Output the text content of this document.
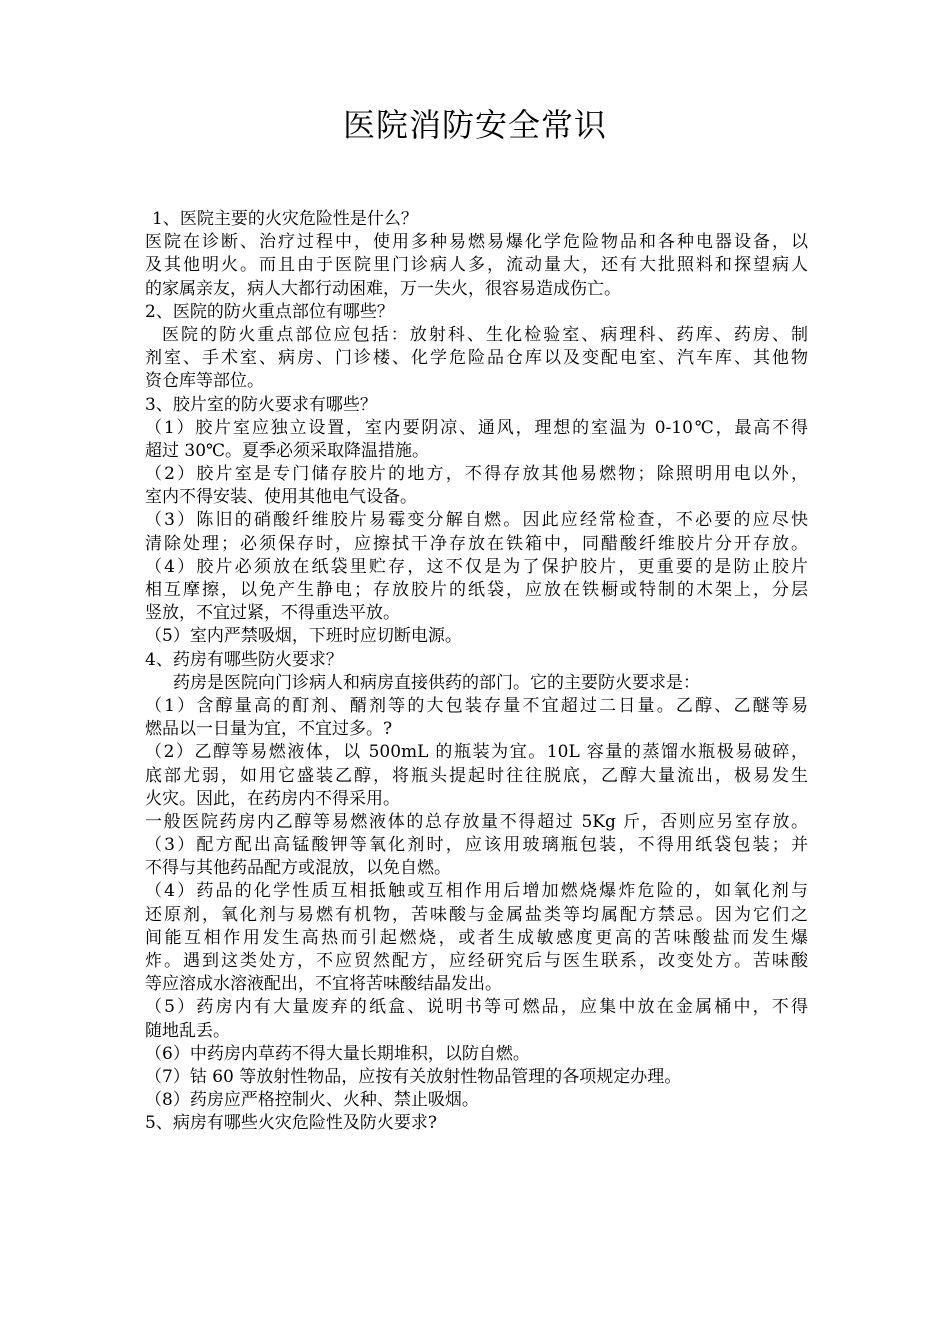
医院消防安全常识
1、医院主要的火灾危险性是什么？
医院在诊断、治疗过程中，使用多种易燃易爆化学危险物品和各种电器设备，以
及其他明火。而且由于医院里门诊病人多，流动量大，还有大批照料和探望病人
的家属亲友，病人大都行动困难，万一失火，很容易造成伤亡。
2、医院的防火重点部位有哪些？
医院的防火重点部位应包括：放射科、生化检验室、病理科、药库、药房、制
剂室、手术室、病房、门诊楼、化学危险品仓库以及变配电室、汽车库、其他物
资仓库等部位。
3、胶片室的防火要求有哪些？
（1）胶片室应独立设置，室内要阴凉、通风，理想的室温为 0-10℃，最高不得
超过 30℃。夏季必须采取降温措施。
（2）胶片室是专门储存胶片的地方，不得存放其他易燃物；除照明用电以外，
室内不得安装、使用其他电气设备。
（3）陈旧的硝酸纤维胶片易霉变分解自燃。因此应经常检查，不必要的应尽快
清除处理；必须保存时，应擦拭干净存放在铁箱中，同醋酸纤维胶片分开存放。
（4）胶片必须放在纸袋里贮存，这不仅是为了保护胶片，更重要的是防止胶片
相互摩擦，以免产生静电；存放胶片的纸袋，应放在铁橱或特制的木架上，分层
竖放，不宜过紧，不得重迭平放。
（5）室内严禁吸烟，下班时应切断电源。
4、药房有哪些防火要求？
药房是医院向门诊病人和病房直接供药的部门。它的主要防火要求是：
（1）含醇量高的酊剂、醑剂等的大包装存量不宜超过二日量。乙醇、乙醚等易
燃品以一日量为宜，不宜过多。?
（2）乙醇等易燃液体，以 500mL 的瓶装为宜。10L 容量的蒸馏水瓶极易破碎，
底部尤弱，如用它盛装乙醇，将瓶头提起时往往脱底，乙醇大量流出，极易发生
火灾。因此，在药房内不得采用。
一般医院药房内乙醇等易燃液体的总存放量不得超过 5Kg 斤，否则应另室存放。
（3）配方配出高锰酸钾等氧化剂时，应该用玻璃瓶包装，不得用纸袋包装；并
不得与其他药品配方或混放，以免自燃。
（4）药品的化学性质互相抵触或互相作用后增加燃烧爆炸危险的，如氧化剂与
还原剂，氧化剂与易燃有机物，苦味酸与金属盐类等均属配方禁忌。因为它们之
间能互相作用发生高热而引起燃烧，或者生成敏感度更高的苦味酸盐而发生爆
炸。遇到这类处方，不应贸然配方，应经研究后与医生联系，改变处方。苦味酸
等应溶成水溶液配出，不宜将苦味酸结晶发出。
（5）药房内有大量废弃的纸盒、说明书等可燃品，应集中放在金属桶中，不得
随地乱丢。
（6）中药房内草药不得大量长期堆积，以防自燃。
（7）钴 60 等放射性物品，应按有关放射性物品管理的各项规定办理。
（8）药房应严格控制火、火种、禁止吸烟。
5、病房有哪些火灾危险性及防火要求?
